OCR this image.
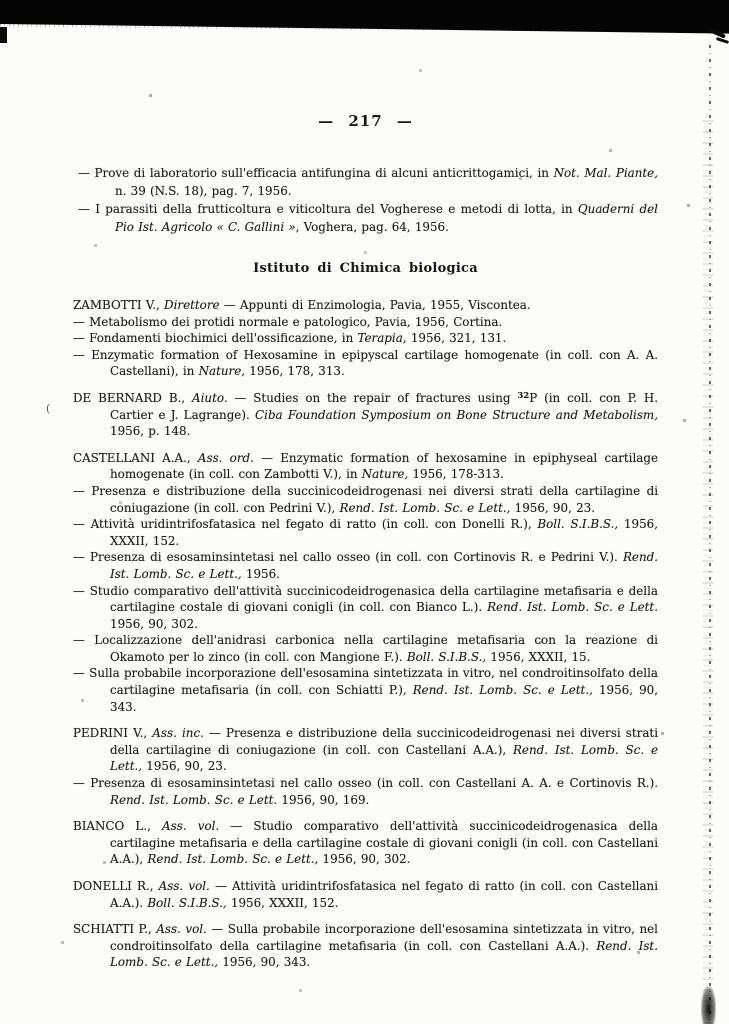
(

— 217 —

— Prove di laboratorio sull'efficacia antifungina di alcuni anticrittogamici, in Not. Mal. Piante, n. 39 (N.S. 18), pag. 7, 1956.

— I parassiti della frutticoltura e viticoltura del Vogherese e metodi di lotta, in Quaderni del Pio Ist. Agricolo « C. Gallini », Voghera, pag. 64, 1956.

Istituto di Chimica biologica

ZAMBOTTI V., Direttore — Appunti di Enzimologia, Pavia, 1955, Viscontea.

— Metabolismo dei protidi normale e patologico, Pavia, 1956, Cortina.

— Fondamenti biochimici dell'ossificazione, in Terapia, 1956, 321, 131.

— Enzymatic formation of Hexosamine in epipyscal cartilage homogenate (in coll. con A. A. Castellani), in Nature, 1956, 178, 313.

DE BERNARD B., Aiuto. — Studies on the repair of fractures using $^{32}$P (in coll. con P. H. Cartier e J. Lagrange). Ciba Foundation Symposium on Bone Structure and Metabolism, 1956, p. 148.

CASTELLANI A.A., Ass. ord. — Enzymatic formation of hexosamine in epiphyseal cartilage homogenate (in coll. con Zambotti V.), in Nature, 1956, 178-313.

— Presenza e distribuzione della succinicodeidrogenasi nei diversi strati della cartilagine di coniugazione (in coll. con Pedrini V.), Rend. Ist. Lomb. Sc. e Lett., 1956, 90, 23.

— Attività uridintrifosfatasica nel fegato di ratto (in coll. con Donelli R.), Boll. S.I.B.S., 1956, XXXII, 152.

— Presenza di esosaminsintetasi nel callo osseo (in coll. con Cortinovis R. e Pedrini V.). Rend. Ist. Lomb. Sc. e Lett., 1956.

— Studio comparativo dell'attività succinicodeidrogenasica della cartilagine metafisaria e della cartilagine costale di giovani conigli (in coll. con Bianco L.). Rend. Ist. Lomb. Sc. e Lett. 1956, 90, 302.

— Localizzazione dell'anidrasi carbonica nella cartilagine metafisaria con la reazione di Okamoto per lo zinco (in coll. con Mangione F.). Boll. S.I.B.S., 1956, XXXII, 15.

— Sulla probabile incorporazione dell'esosamina sintetizzata in vitro, nel condroitinsolfato della cartilagine metafisaria (in coll. con Schiatti P.), Rend. Ist. Lomb. Sc. e Lett., 1956, 90, 343.

PEDRINI V., Ass. inc. — Presenza e distribuzione della succinicodeidrogenasi nei diversi strati della cartilagine di coniugazione (in coll. con Castellani A.A.), Rend. Ist. Lomb. Sc. e Lett., 1956, 90, 23.

— Presenza di esosaminsintetasi nel callo osseo (in coll. con Castellani A. A. e Cortinovis R.). Rend. Ist. Lomb. Sc. e Lett. 1956, 90, 169.

BIANCO L., Ass. vol. — Studio comparativo dell'attività succinicodeidrogenasica della cartilagine metafisaria e della cartilagine costale di giovani conigli (in coll. con Castellani A.A.), Rend. Ist. Lomb. Sc. e Lett., 1956, 90, 302.

DONELLI R., Ass. vol. — Attività uridintrifosfatasica nel fegato di ratto (in coll. con Castellani A.A.). Boll. S.I.B.S., 1956, XXXII, 152.

SCHIATTI P., Ass. vol. — Sulla probabile incorporazione dell'esosamina sintetizzata in vitro, nel condroitinsolfato della cartilagine metafisaria (in coll. con Castellani A.A.). Rend. Ist. Lomb. Sc. e Lett., 1956, 90, 343.
